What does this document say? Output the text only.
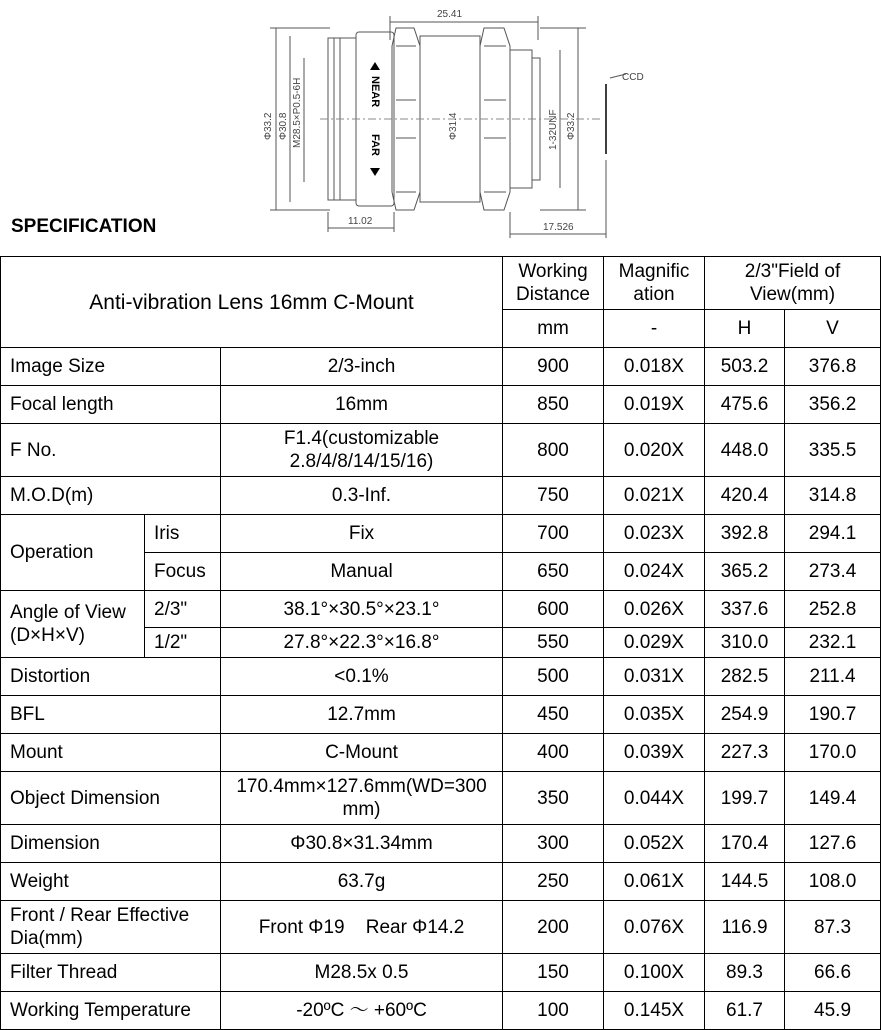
NEAR
FAR
25.41
Φ33.2 Φ30.8 M28.5×P0.5-6H	Φ31.4	1-32UNF Φ33.2
11.02
17.526
CCD
SPECIFICATION
Anti-vibration Lens 16mm C-Mount			Working Distance	Magnific ation	2/3"Field of View(mm)	
			mm	-	H	V
Image Size		2/3-inch	900	0.018X	503.2	376.8
Focal length		16mm	850	0.019X	475.6	356.2
F No.		F1.4(customizable 2.8/4/8/14/15/16)	800	0.020X	448.0	335.5
M.O.D(m)		0.3-Inf.	750	0.021X	420.4	314.8
Operation	Iris	Fix	700	0.023X	392.8	294.1
	Focus	Manual	650	0.024X	365.2	273.4
Angle of View (D×H×V)	2/3"	38.1°×30.5°×23.1°	600	0.026X	337.6	252.8
	1/2"	27.8°×22.3°×16.8°	550	0.029X	310.0	232.1
Distortion		<0.1%	500	0.031X	282.5	211.4
BFL		12.7mm	450	0.035X	254.9	190.7
Mount		C-Mount	400	0.039X	227.3	170.0
Object Dimension		170.4mm×127.6mm(WD=300 mm)	350	0.044X	199.7	149.4
Dimension		Φ30.8×31.34mm	300	0.052X	170.4	127.6
Weight		63.7g	250	0.061X	144.5	108.0
Front / Rear Effective Dia(mm)		Front Φ19    Rear Φ14.2	200	0.076X	116.9	87.3
Filter Thread		M28.5x 0.5	150	0.100X	89.3	66.6
Working Temperature		-20ºC ～ +60ºC	100	0.145X	61.7	45.9
